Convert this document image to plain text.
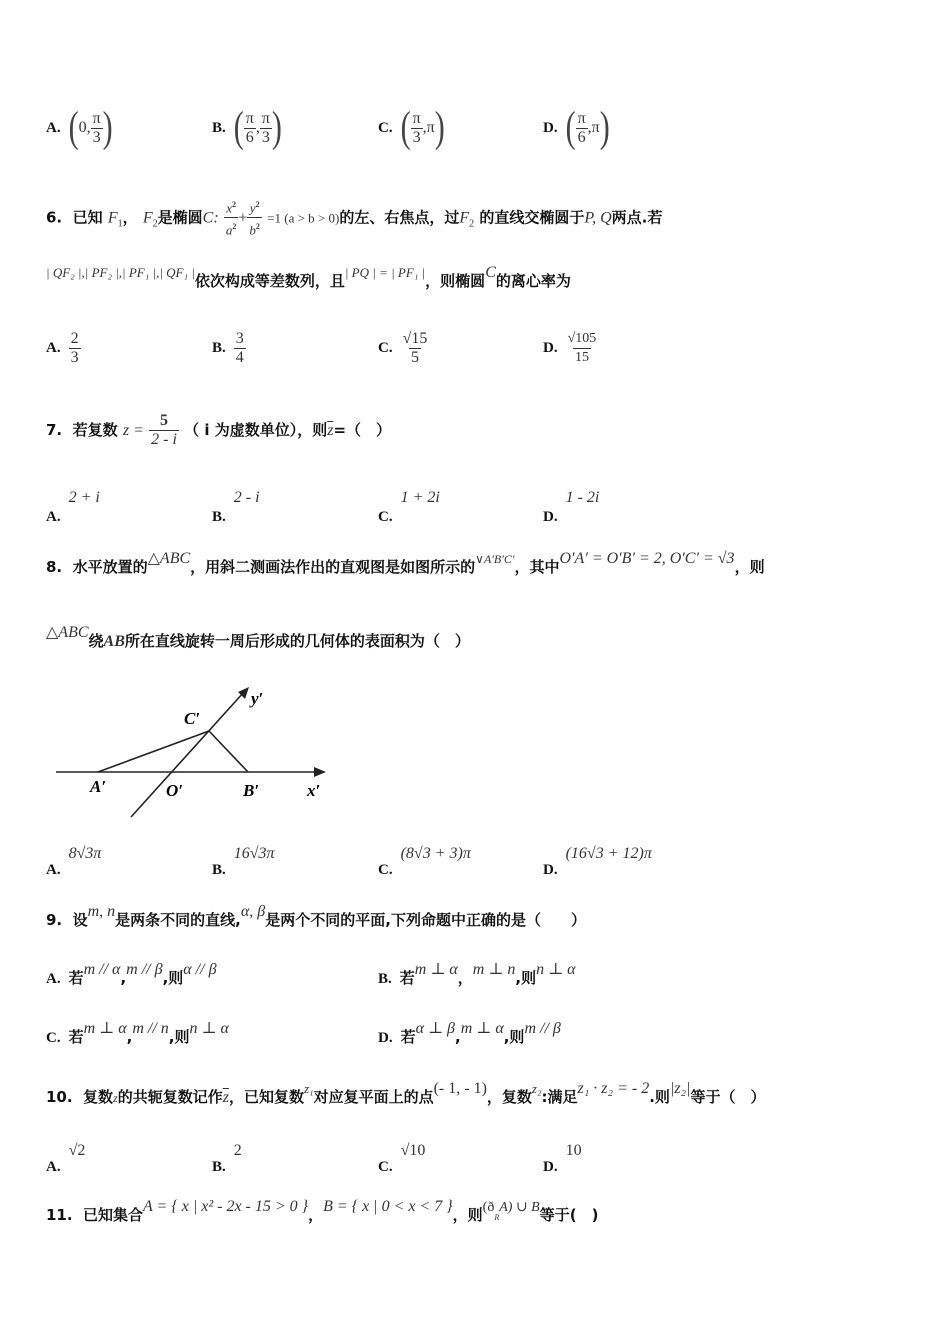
A. ( 0, $\frac{\pi}{3}$ )	B. ( $\frac{\pi}{6}$ , $\frac{\pi}{3}$ )	C. ( $\frac{\pi}{3} ,\pi$ )	D. ( $\frac{\pi}{6} ,\pi$ )
6. 已知 $F_1$， $F_2$是椭圆C: $\frac{x^2}{a^2} + \frac{y^2}{b^2} =1$ (a > b > 0)的左、右焦点，过$F_2$ 的直线交椭圆于P, Q两点.若
| QF₂ |,| PF₂ |,| PF₁ |,| QF₁ |依次构成等差数列，且| PQ | = | PF₁ |，则椭圆C的离心率为
A. $\frac{2}{3}$	B. $\frac{3}{4}$	C. $\frac{√15}{5}$	D. $\frac{√105}{15}$
7. 若复数 $z = \frac{5}{2 - i}$ （ i 为虚数单位），则$\overline{z}=$（　）
A.
2 + i
B.
2 - i
C.
1 + 2i
D.
1 - 2i
8. 水平放置的△ABC，用斜二测画法作出的直观图是如图所示的$^{\vee A'B'C'}$，其中O′A′ = O′B′ = 2, O′C′ = √3，则
△ABC绕AB所在直线旋转一周后形成的几何体的表面积为（　）
C′
y′
A′	O′	B′	x′
A.
8√3π
B.
16√3π
C.
(8√3 + 3)π
D.
(16√3 + 12)π
9. 设m, n是两条不同的直线,α, β是两个不同的平面,下列命题中正确的是（　　）
A. 若m // α,m // β,则α // β
B. 若m ⊥ α，m ⊥ n,则n ⊥ α
C. 若m ⊥ α,m // n,则n ⊥ α
D. 若α ⊥ β,m ⊥ α,则m // β
10. 复数z的共轭复数记作$\overline{z}$，已知复数z₁对应复平面上的点(- 1, - 1)，复数z₂:满足z₁ · z₂ = - 2.则|z₂|等于（　）
A.
√2
B.
2
C.
√10
D.
10
11. 已知集合A = { x | x² - 2x - 15 > 0 }，B = { x | 0 < x < 7 }，则$(ð_RA)$ ∪ B等于(　)
